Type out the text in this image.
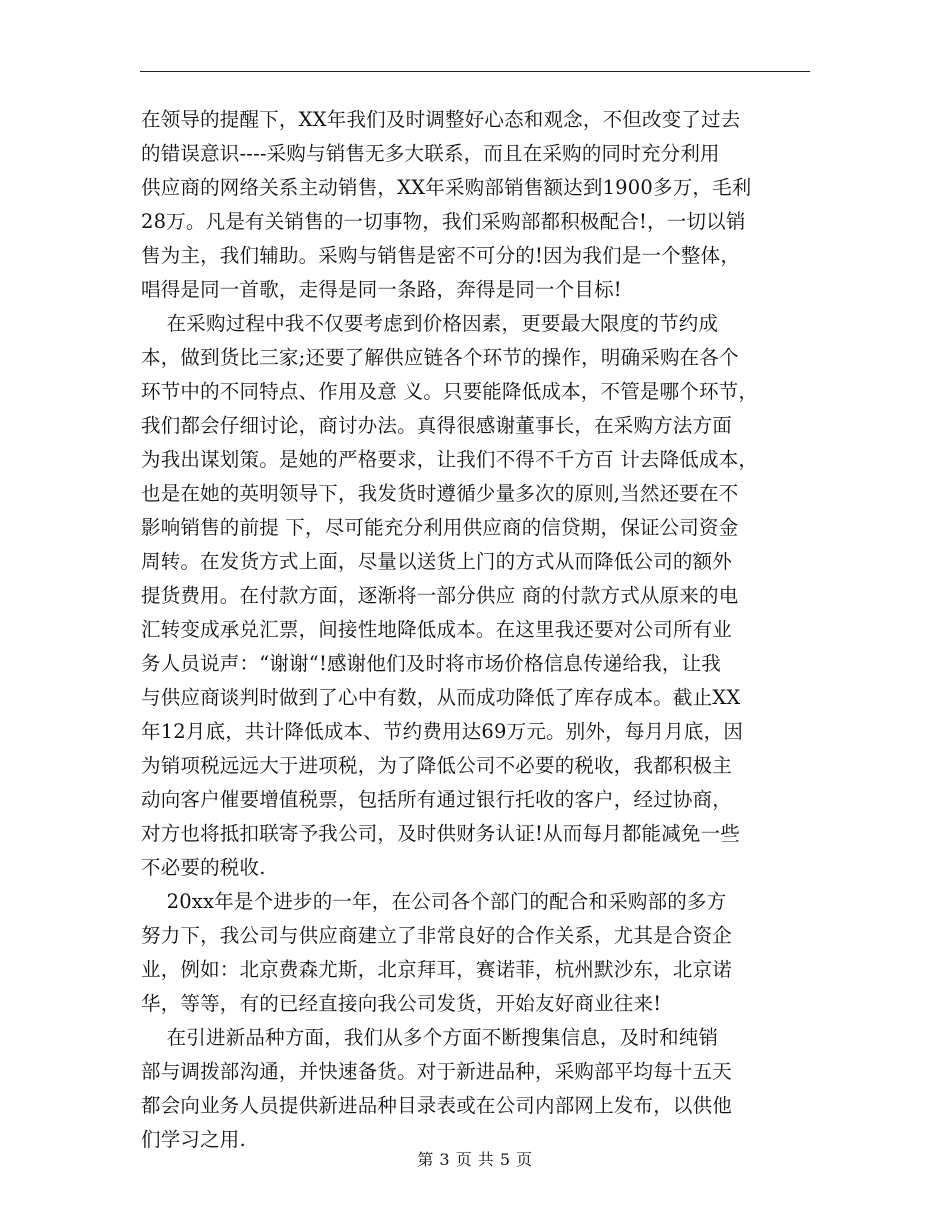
在领导的提醒下，XX年我们及时调整好心态和观念，不但改变了过去
的错误意识----采购与销售无多大联系，而且在采购的同时充分利用
供应商的网络关系主动销售，XX年采购部销售额达到1900多万，毛利
28万。凡是有关销售的一切事物，我们采购部都积极配合!，一切以销
售为主，我们辅助。采购与销售是密不可分的!因为我们是一个整体，
唱得是同一首歌，走得是同一条路，奔得是同一个目标!
在采购过程中我不仅要考虑到价格因素，更要最大限度的节约成
本，做到货比三家;还要了解供应链各个环节的操作，明确采购在各个
环节中的不同特点、作用及意 义。只要能降低成本，不管是哪个环节，
我们都会仔细讨论，商讨办法。真得很感谢董事长，在采购方法方面
为我出谋划策。是她的严格要求，让我们不得不千方百 计去降低成本，
也是在她的英明领导下，我发货时遵循少量多次的原则,当然还要在不
影响销售的前提 下，尽可能充分利用供应商的信贷期，保证公司资金
周转。在发货方式上面，尽量以送货上门的方式从而降低公司的额外
提货费用。在付款方面，逐渐将一部分供应 商的付款方式从原来的电
汇转变成承兑汇票，间接性地降低成本。在这里我还要对公司所有业
务人员说声：“谢谢“!感谢他们及时将市场价格信息传递给我，让我
与供应商谈判时做到了心中有数，从而成功降低了库存成本。截止XX
年12月底，共计降低成本、节约费用达69万元。别外，每月月底，因
为销项税远远大于进项税，为了降低公司不必要的税收，我都积极主
动向客户催要增值税票，包括所有通过银行托收的客户，经过协商，
对方也将抵扣联寄予我公司，及时供财务认证!从而每月都能减免一些
不必要的税收.
20xx年是个进步的一年，在公司各个部门的配合和采购部的多方
努力下，我公司与供应商建立了非常良好的合作关系，尤其是合资企
业，例如：北京费森尤斯，北京拜耳，赛诺菲，杭州默沙东，北京诺
华，等等，有的已经直接向我公司发货，开始友好商业往来!
在引进新品种方面，我们从多个方面不断搜集信息，及时和纯销
部与调拨部沟通，并快速备货。对于新进品种，采购部平均每十五天
都会向业务人员提供新进品种目录表或在公司内部网上发布，以供他
们学习之用.
第 3 页 共 5 页
